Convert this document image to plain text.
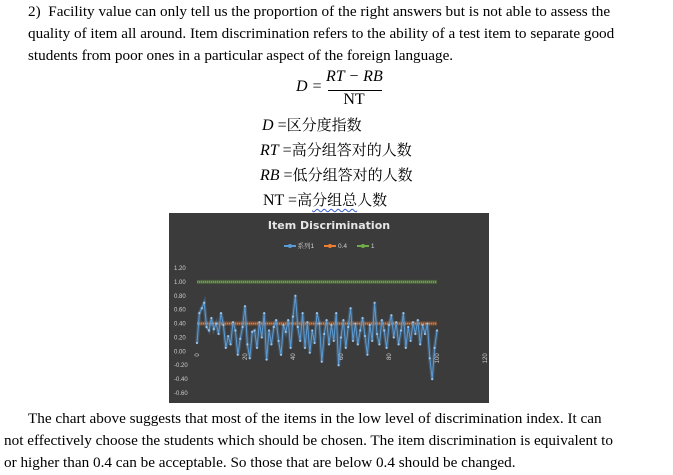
2)  Facility value can only tell us the proportion of the right answers but is not able to assess the
quality of item all around. Item discrimination refers to the ability of a test item to separate good
students from poor ones in a particular aspect of the foreign language.
D =
RT − RB
NT
D =区分度指数
RT =高分组答对的人数
RB =低分组答对的人数
NT =高分组总人数
Item Discrimination
系列1	0.4	1
1.20
1.00
0.80
0.60
0.40
0.20
0.00
-0.20
-0.40
-0.60
0	20	40	60	80	100	120
The chart above suggests that most of the items in the low level of discrimination index. It can
not effectively choose the students which should be chosen. The item discrimination is equivalent to
or higher than 0.4 can be acceptable. So those that are below 0.4 should be changed.
